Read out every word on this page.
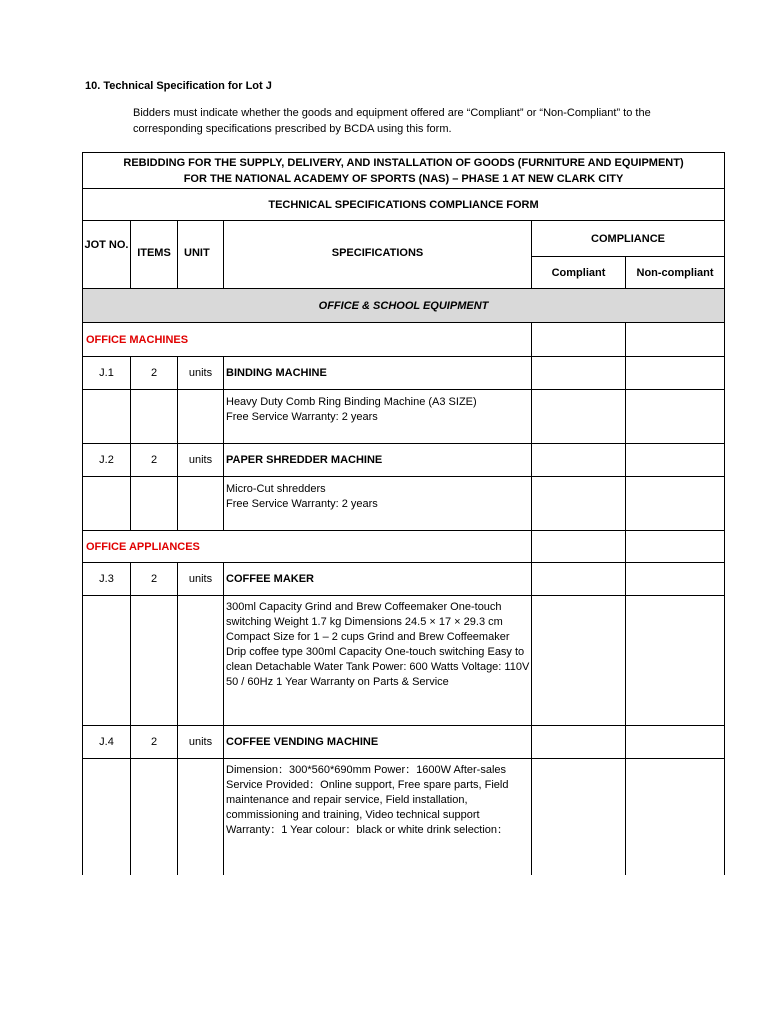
10. Technical Specification for Lot J
Bidders must indicate whether the goods and equipment offered are “Compliant” or “Non-Compliant” to the corresponding specifications prescribed by BCDA using this form.
REBIDDING FOR THE SUPPLY, DELIVERY, AND INSTALLATION OF GOODS (FURNITURE AND EQUIPMENT)
FOR THE NATIONAL ACADEMY OF SPORTS (NAS) – PHASE 1 AT NEW CLARK CITY					

TECHNICAL SPECIFICATIONS COMPLIANCE FORM					
JOT NO.	ITEMS	UNIT	SPECIFICATIONS	COMPLIANCE	
				Compliant	Non-compliant
OFFICE & SCHOOL EQUIPMENT					
OFFICE MACHINES					
J.1	2	units	BINDING MACHINE		

			Heavy Duty Comb Ring Binding Machine (A3 SIZE)
Free Service Warranty: 2 years		

J.2	2	units	PAPER SHREDDER MACHINE		

			Micro-Cut shredders
Free Service Warranty: 2 years		

OFFICE APPLIANCES					
J.3	2	units	COFFEE MAKER		

			300ml Capacity Grind and Brew Coffeemaker One-touch switching Weight 1.7 kg Dimensions 24.5 × 17 × 29.3 cm Compact Size for 1 – 2 cups Grind and Brew Coffeemaker Drip coffee type 300ml Capacity One-touch switching Easy to clean Detachable Water Tank Power: 600 Watts Voltage: 110V 50 / 60Hz 1 Year Warranty on Parts & Service		

J.4	2	units	COFFEE VENDING MACHINE		

			Dimension：300*560*690mm Power：1600W After-sales Service Provided：Online support, Free spare parts, Field maintenance and repair service, Field installation, commissioning and training, Video technical support
Warranty：1 Year colour：black or white drink selection：		
